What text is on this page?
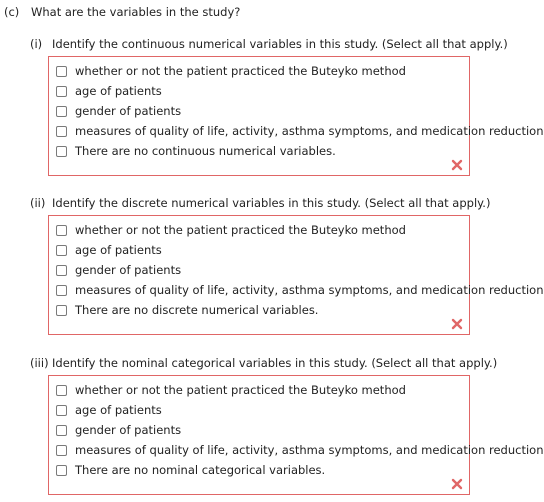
(c) What are the variables in the study?
(i) Identify the continuous numerical variables in this study. (Select all that apply.)
whether or not the patient practiced the Buteyko method
age of patients
gender of patients
measures of quality of life, activity, asthma symptoms, and medication reduction
There are no continuous numerical variables.
(ii) Identify the discrete numerical variables in this study. (Select all that apply.)
whether or not the patient practiced the Buteyko method
age of patients
gender of patients
measures of quality of life, activity, asthma symptoms, and medication reduction
There are no discrete numerical variables.
(iii) Identify the nominal categorical variables in this study. (Select all that apply.)
whether or not the patient practiced the Buteyko method
age of patients
gender of patients
measures of quality of life, activity, asthma symptoms, and medication reduction
There are no nominal categorical variables.
